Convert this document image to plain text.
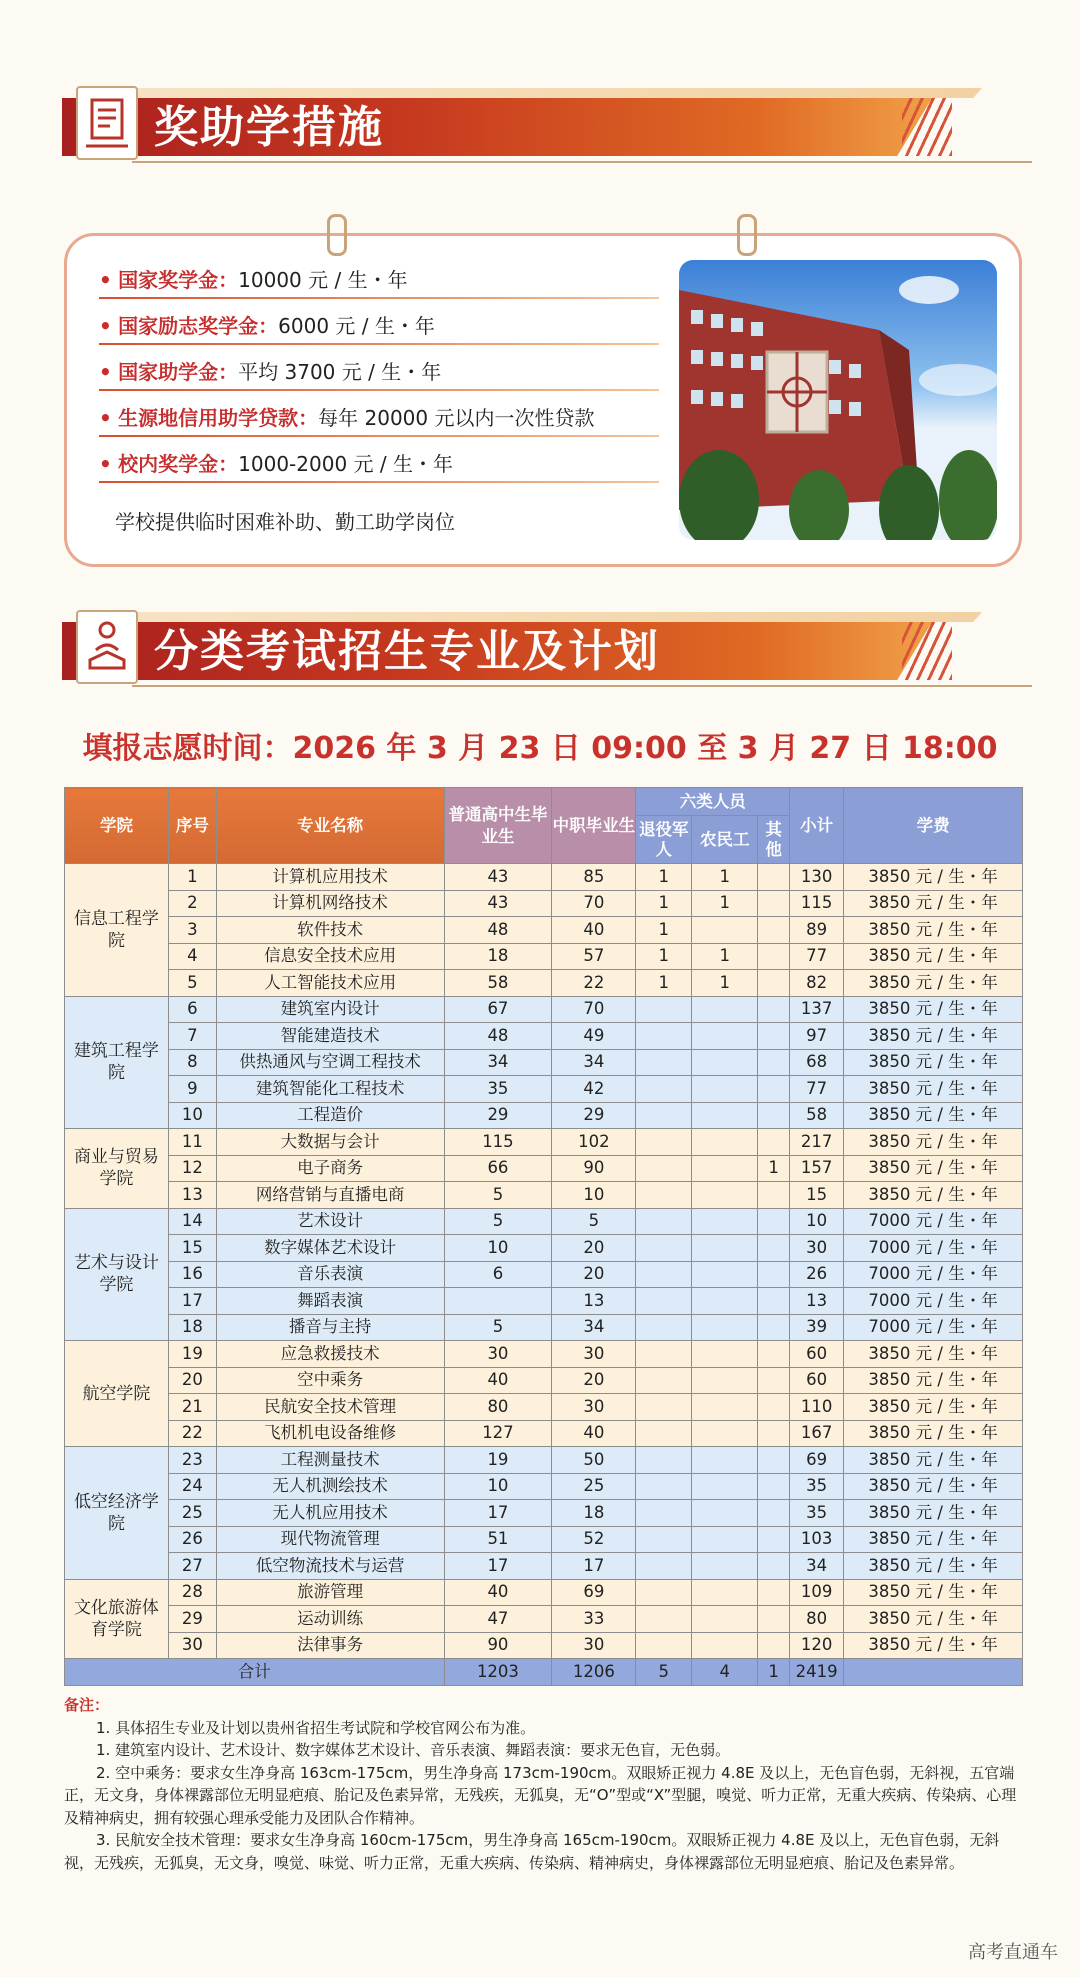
奖助学措施
• 国家奖学金：10000 元 / 生・年
• 国家励志奖学金：6000 元 / 生・年
• 国家助学金：平均 3700 元 / 生・年
• 生源地信用助学贷款：每年 20000 元以内一次性贷款
• 校内奖学金：1000-2000 元 / 生・年
学校提供临时困难补助、勤工助学岗位
分类考试招生专业及计划
填报志愿时间：2026 年 3 月 23 日 09:00 至 3 月 27 日 18:00
学院	序号	专业名称	普通高中生毕业生	中职毕业生	六类人员			小计	学费
					退役军人	农民工	其他		
信息工程学院	1	计算机应用技术	43	85	1	1		130	3850 元 / 生・年
	2	计算机网络技术	43	70	1	1		115	3850 元 / 生・年
	3	软件技术	48	40	1			89	3850 元 / 生・年
	4	信息安全技术应用	18	57	1	1		77	3850 元 / 生・年
	5	人工智能技术应用	58	22	1	1		82	3850 元 / 生・年
建筑工程学院	6	建筑室内设计	67	70				137	3850 元 / 生・年
	7	智能建造技术	48	49				97	3850 元 / 生・年
	8	供热通风与空调工程技术	34	34				68	3850 元 / 生・年
	9	建筑智能化工程技术	35	42				77	3850 元 / 生・年
	10	工程造价	29	29				58	3850 元 / 生・年
商业与贸易学院	11	大数据与会计	115	102				217	3850 元 / 生・年
	12	电子商务	66	90			1	157	3850 元 / 生・年
	13	网络营销与直播电商	5	10				15	3850 元 / 生・年
艺术与设计学院	14	艺术设计	5	5				10	7000 元 / 生・年
	15	数字媒体艺术设计	10	20				30	7000 元 / 生・年
	16	音乐表演	6	20				26	7000 元 / 生・年
	17	舞蹈表演		13				13	7000 元 / 生・年
	18	播音与主持	5	34				39	7000 元 / 生・年
航空学院	19	应急救援技术	30	30				60	3850 元 / 生・年
	20	空中乘务	40	20				60	3850 元 / 生・年
	21	民航安全技术管理	80	30				110	3850 元 / 生・年
	22	飞机机电设备维修	127	40				167	3850 元 / 生・年
低空经济学院	23	工程测量技术	19	50				69	3850 元 / 生・年
	24	无人机测绘技术	10	25				35	3850 元 / 生・年
	25	无人机应用技术	17	18				35	3850 元 / 生・年
	26	现代物流管理	51	52				103	3850 元 / 生・年
	27	低空物流技术与运营	17	17				34	3850 元 / 生・年
文化旅游体育学院	28	旅游管理	40	69				109	3850 元 / 生・年
	29	运动训练	47	33				80	3850 元 / 生・年
	30	法律事务	90	30				120	3850 元 / 生・年
合计			1203	1206	5	4	1	2419	

备注：

1. 具体招生专业及计划以贵州省招生考试院和学校官网公布为准。

1. 建筑室内设计、艺术设计、数字媒体艺术设计、音乐表演、舞蹈表演：要求无色盲，无色弱。

2. 空中乘务：要求女生净身高 163cm-175cm，男生净身高 173cm-190cm。双眼矫正视力 4.8E 及以上，无色盲色弱，无斜视，五官端正，无文身，身体裸露部位无明显疤痕、胎记及色素异常，无残疾，无狐臭，无“O”型或“X”型腿，嗅觉、听力正常，无重大疾病、传染病、心理及精神病史，拥有较强心理承受能力及团队合作精神。

3. 民航安全技术管理：要求女生净身高 160cm-175cm，男生净身高 165cm-190cm。双眼矫正视力 4.8E 及以上，无色盲色弱，无斜视，无残疾，无狐臭，无文身，嗅觉、味觉、听力正常，无重大疾病、传染病、精神病史，身体裸露部位无明显疤痕、胎记及色素异常。

高考直通车
